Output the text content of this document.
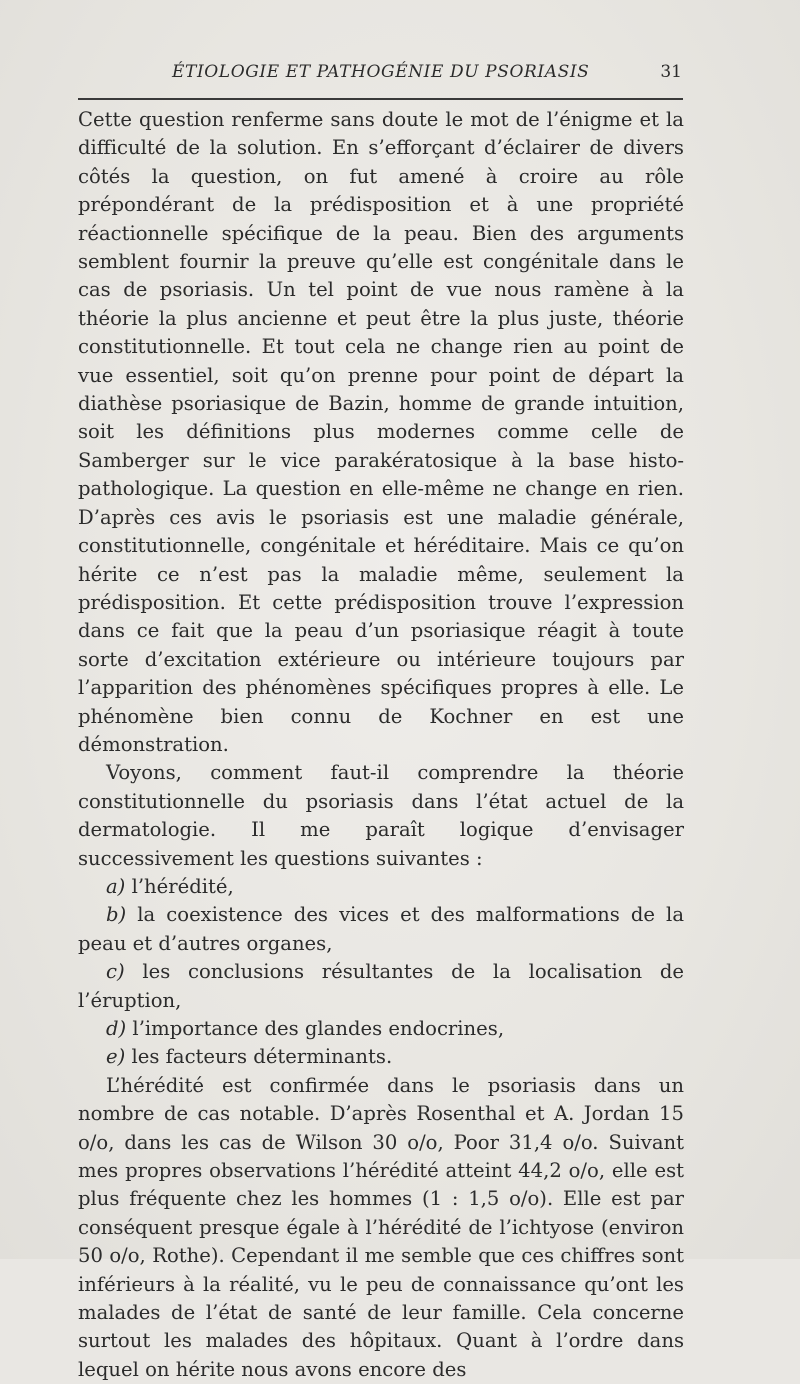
ÉTIOLOGIE ET PATHOGÉNIE DU PSORIASIS	31

Cette question renferme sans doute le mot de l’énigme et la difficulté de la solution. En s’efforçant d’éclairer de divers côtés la question, on fut amené à croire au rôle prépondérant de la prédisposition et à une propriété réactionnelle spécifique de la peau. Bien des arguments semblent fournir la preuve qu’elle est congénitale dans le cas de psoriasis. Un tel point de vue nous ramène à la théorie la plus ancienne et peut être la plus juste, théorie constitutionnelle. Et tout cela ne change rien au point de vue essentiel, soit qu’on prenne pour point de départ la diathèse psoriasique de Bazin, homme de grande intuition, soit les définitions plus modernes comme celle de Samberger sur le vice parakératosique à la base histo-pathologique. La question en elle-même ne change en rien. D’après ces avis le psoriasis est une maladie générale, constitutionnelle, congénitale et héréditaire. Mais ce qu’on hérite ce n’est pas la maladie même, seulement la prédisposition. Et cette prédisposition trouve l’expression dans ce fait que la peau d’un psoriasique réagit à toute sorte d’excitation extérieure ou intérieure toujours par l’apparition des phénomènes spécifiques propres à elle. Le phénomène bien connu de Kochner en est une démonstration.

Voyons, comment faut-il comprendre la théorie constitutionnelle du psoriasis dans l’état actuel de la dermatologie. Il me paraît logique d’envisager successivement les questions suivantes :

a) l’hérédité,

b) la coexistence des vices et des malformations de la peau et d’autres organes,

c) les conclusions résultantes de la localisation de l’éruption,

d) l’importance des glandes endocrines,

e) les facteurs déterminants.

L’hérédité est confirmée dans le psoriasis dans un nombre de cas notable. D’après Rosenthal et A. Jordan 15 o/o, dans les cas de Wilson 30 o/o, Poor 31,4 o/o. Suivant mes propres observations l’hérédité atteint 44,2 o/o, elle est plus fréquente chez les hommes (1 : 1,5 o/o). Elle est par conséquent presque égale à l’hérédité de l’ichtyose (environ 50 o/o, Rothe). Cependant il me semble que ces chiffres sont inférieurs à la réalité, vu le peu de connaissance qu’ont les malades de l’état de santé de leur famille. Cela concerne surtout les malades des hôpitaux. Quant à l’ordre dans lequel on hérite nous avons encore des
